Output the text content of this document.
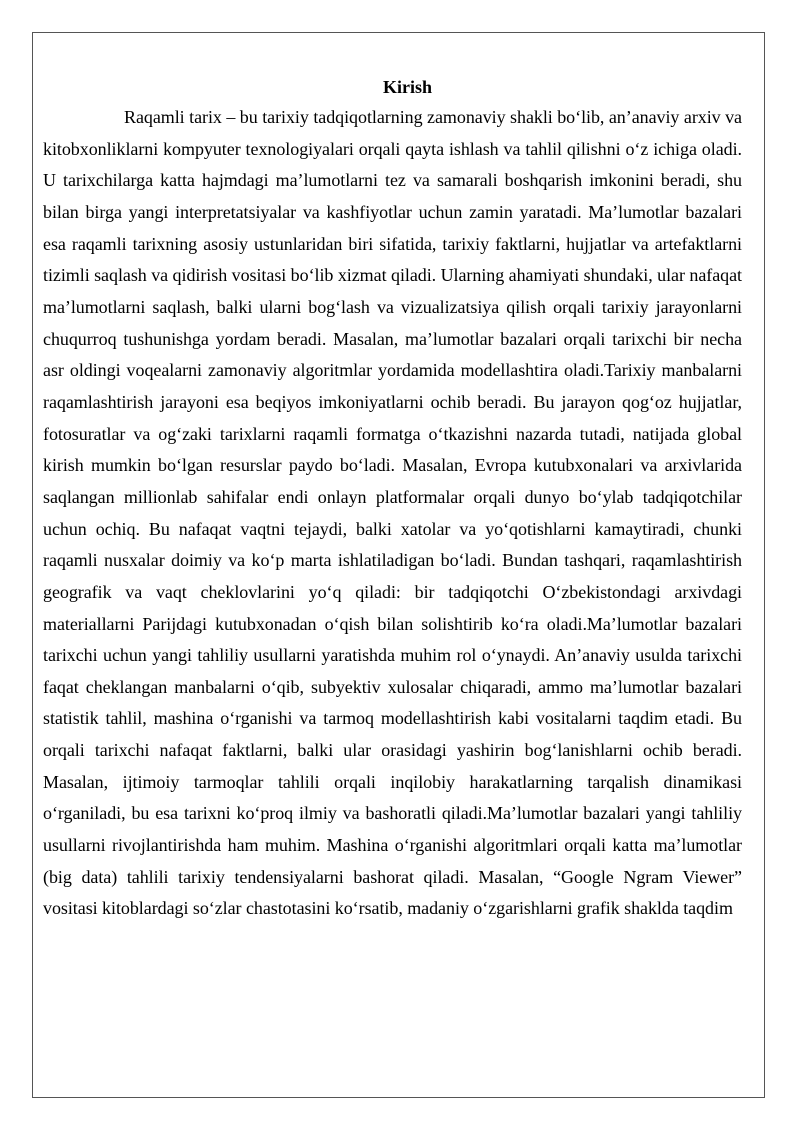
Kirish

Raqamli tarix – bu tarixiy tadqiqotlarning zamonaviy shakli bo‘lib, an’anaviy arxiv va kitobxonliklarni kompyuter texnologiyalari orqali qayta ishlash va tahlil qilishni o‘z ichiga oladi. U tarixchilarga katta hajmdagi ma’lumotlarni tez va samarali boshqarish imkonini beradi, shu bilan birga yangi interpretatsiyalar va kashfiyotlar uchun zamin yaratadi. Ma’lumotlar bazalari esa raqamli tarixning asosiy ustunlaridan biri sifatida, tarixiy faktlarni, hujjatlar va artefaktlarni tizimli saqlash va qidirish vositasi bo‘lib xizmat qiladi. Ularning ahamiyati shundaki, ular nafaqat ma’lumotlarni saqlash, balki ularni bog‘lash va vizualizatsiya qilish orqali tarixiy jarayonlarni chuqurroq tushunishga yordam beradi. Masalan, ma’lumotlar bazalari orqali tarixchi bir necha asr oldingi voqealarni zamonaviy algoritmlar yordamida modellashtira oladi.Tarixiy manbalarni raqamlashtirish jarayoni esa beqiyos imkoniyatlarni ochib beradi. Bu jarayon qog‘oz hujjatlar, fotosuratlar va og‘zaki tarixlarni raqamli formatga o‘tkazishni nazarda tutadi, natijada global kirish mumkin bo‘lgan resurslar paydo bo‘ladi. Masalan, Evropa kutubxonalari va arxivlarida saqlangan millionlab sahifalar endi onlayn platformalar orqali dunyo bo‘ylab tadqiqotchilar uchun ochiq. Bu nafaqat vaqtni tejaydi, balki xatolar va yo‘qotishlarni kamaytiradi, chunki raqamli nusxalar doimiy va ko‘p marta ishlatiladigan bo‘ladi. Bundan tashqari, raqamlashtirish geografik va vaqt cheklovlarini yo‘q qiladi: bir tadqiqotchi O‘zbekistondagi arxivdagi materiallarni Parijdagi kutubxonadan o‘qish bilan solishtirib ko‘ra oladi.Ma’lumotlar bazalari tarixchi uchun yangi tahliliy usullarni yaratishda muhim rol o‘ynaydi. An’anaviy usulda tarixchi faqat cheklangan manbalarni o‘qib, subyektiv xulosalar chiqaradi, ammo ma’lumotlar bazalari statistik tahlil, mashina o‘rganishi va tarmoq modellashtirish kabi vositalarni taqdim etadi. Bu orqali tarixchi nafaqat faktlarni, balki ular orasidagi yashirin bog‘lanishlarni ochib beradi. Masalan, ijtimoiy tarmoqlar tahlili orqali inqilobiy harakatlarning tarqalish dinamikasi o‘rganiladi, bu esa tarixni ko‘proq ilmiy va bashoratli qiladi.Ma’lumotlar bazalari yangi tahliliy usullarni rivojlantirishda ham muhim. Mashina o‘rganishi algoritmlari orqali katta ma’lumotlar (big data) tahlili tarixiy tendensiyalarni bashorat qiladi. Masalan, “Google Ngram Viewer” vositasi kitoblardagi so‘zlar chastotasini ko‘rsatib, madaniy o‘zgarishlarni grafik shaklda taqdim
